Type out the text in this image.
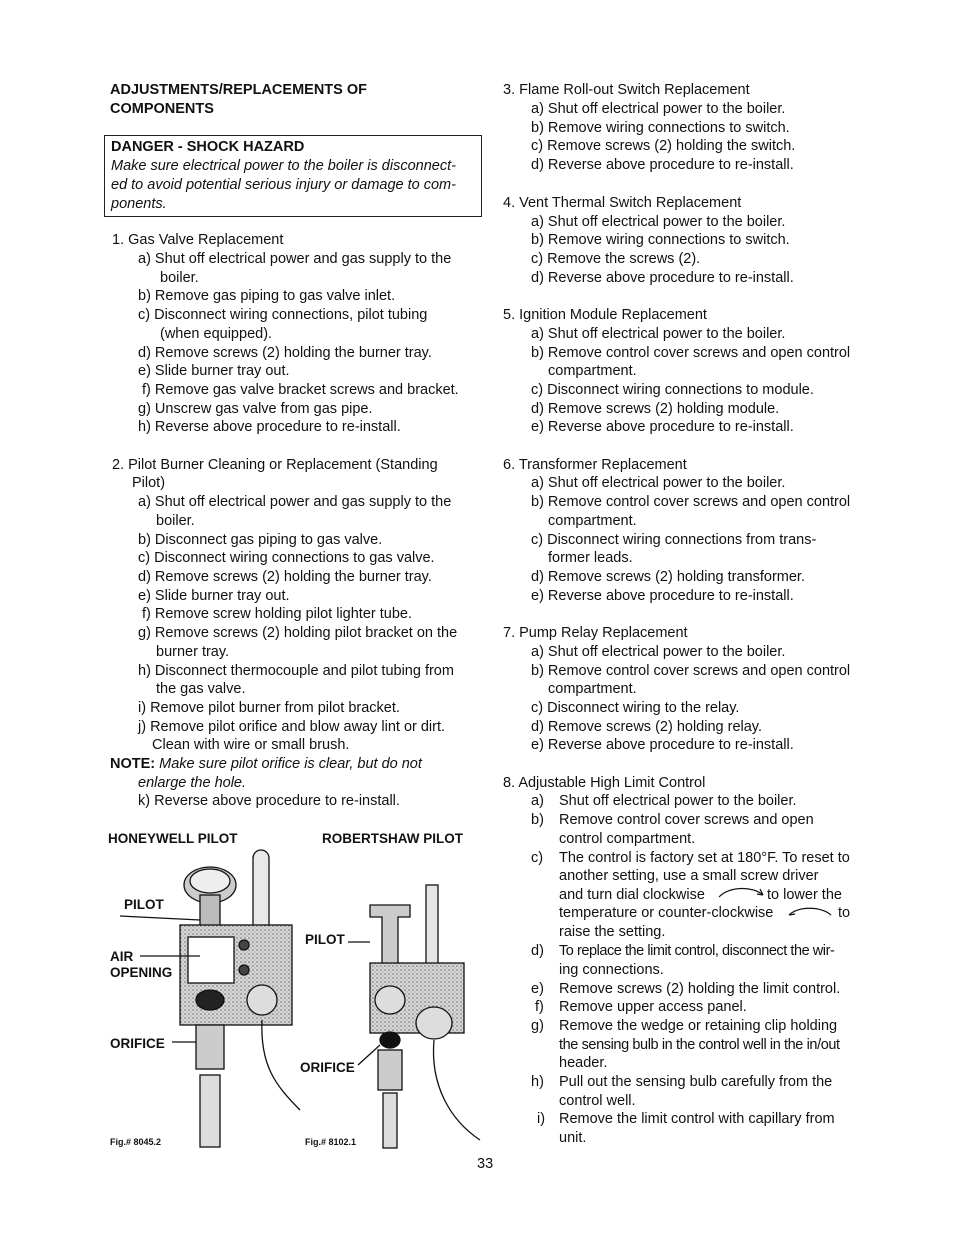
ADJUSTMENTS/REPLACEMENTS OF
COMPONENTS
DANGER - SHOCK HAZARD
Make sure electrical power to the boiler is disconnect-
ed to avoid potential serious injury or damage to com-
ponents.
1. Gas Valve Replacement
a) Shut off electrical power and gas supply to the
boiler.
b) Remove gas piping to gas valve inlet.
c) Disconnect wiring connections, pilot tubing
(when equipped).
d) Remove screws (2) holding the burner tray.
e) Slide burner tray out.
f) Remove gas valve bracket screws and bracket.
g) Unscrew gas valve from gas pipe.
h) Reverse above procedure to re-install.
2. Pilot Burner Cleaning or Replacement (Standing
Pilot)
a) Shut off electrical power and gas supply to the
boiler.
b) Disconnect gas piping to gas valve.
c) Disconnect wiring connections to gas valve.
d) Remove screws (2) holding the burner tray.
e) Slide burner tray out.
f) Remove screw holding pilot lighter tube.
g) Remove screws (2) holding pilot bracket on the
burner tray.
h) Disconnect thermocouple and pilot tubing from
the gas valve.
i) Remove pilot burner from pilot bracket.
j) Remove pilot orifice and blow away lint or dirt.
Clean with wire or small brush.
NOTE: Make sure pilot orifice is clear, but do not
enlarge the hole.
k) Reverse above procedure to re-install.
HONEYWELL PILOT	ROBERTSHAW PILOT
PILOT
AIR
OPENING
ORIFICE
PILOT
ORIFICE
Fig.# 8045.2	Fig.# 8102.1
3. Flame Roll-out Switch Replacement
a) Shut off electrical power to the boiler.
b) Remove wiring connections to switch.
c) Remove screws (2) holding the switch.
d) Reverse above procedure to re-install.
4. Vent Thermal Switch Replacement
a) Shut off electrical power to the boiler.
b) Remove wiring connections to switch.
c) Remove the screws (2).
d) Reverse above procedure to re-install.
5. Ignition Module Replacement
a) Shut off electrical power to the boiler.
b) Remove control cover screws and open control
compartment.
c) Disconnect wiring connections to module.
d) Remove screws (2) holding module.
e) Reverse above procedure to re-install.
6. Transformer Replacement
a) Shut off electrical power to the boiler.
b) Remove control cover screws and open control
compartment.
c) Disconnect wiring connections from trans-
former leads.
d) Remove screws (2) holding transformer.
e) Reverse above procedure to re-install.
7. Pump Relay Replacement
a) Shut off electrical power to the boiler.
b) Remove control cover screws and open control
compartment.
c) Disconnect wiring to the relay.
d) Remove screws (2) holding relay.
e) Reverse above procedure to re-install.
8. Adjustable High Limit Control
a) Shut off electrical power to the boiler.
b) Remove control cover screws and open
control compartment.
c) The control is factory set at 180°F. To reset to
another setting, use a small screw driver
and turn dial clockwise	to lower the
temperature or counter-clockwise	to
raise the setting.
d) To replace the limit control, disconnect the wir-
ing connections.
e) Remove screws (2) holding the limit control.
f) Remove upper access panel.
g) Remove the wedge or retaining clip holding
the sensing bulb in the control well in the in/out
header.
h) Pull out the sensing bulb carefully from the
control well.
i) Remove the limit control with capillary from
unit.
33
